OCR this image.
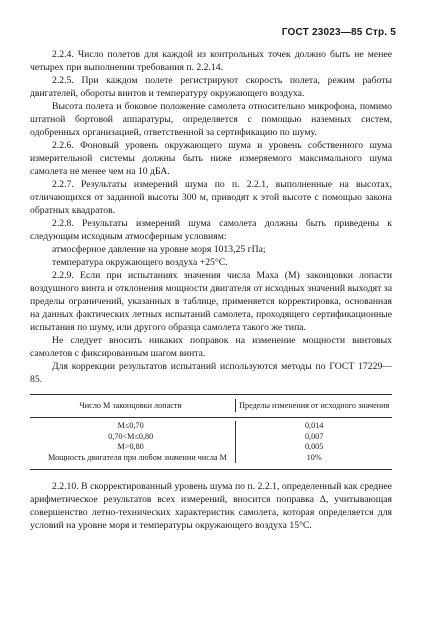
ГОСТ 23023—85 Стр. 5

2.2.4. Число полетов для каждой из контрольных точек должно быть не менее четырех при выполнении требования п. 2.2.14.

2.2.5. При каждом полете регистрируют скорость полета, режим работы двигателей, обороты винтов и температуру окружающего воздуха.

Высота полета и боковое положение самолета относительно микрофона, помимо штатной бортовой аппаратуры, определяется с помощью наземных систем, одобренных организацией, ответственной за сертификацию по шуму.

2.2.6. Фоновый уровень окружающего шума и уровень собственного шума измерительной системы должны быть ниже измеряемого максимального шума самолета не менее чем на 10 дБА.

2.2.7. Результаты измерений шума по п. 2.2.1, выполненные на высотах, отличающихся от заданной высоты 300 м, приводят к этой высоте с помощью закона обратных квадратов.

2.2.8. Результаты измерений шума самолета должны быть приведены к следующим исходным атмосферным условиям:

атмосферное давление на уровне моря 1013,25 гПа;

температура окружающего воздуха +25°С.

2.2.9. Если при испытаниях значения числа Маха (M) законцовки лопасти воздушного винта и отклонения мощности двигателя от исходных значений выходят за пределы ограничений, указанных в таблице, применяется корректировка, основанная на данных фактических летных испытаний самолета, проходящего сертификационные испытания по шуму, или другого образца самолета такого же типа.

Не следует вносить никаких поправок на изменение мощности винтовых самолетов с фиксированным шагом винта.

Для коррекции результатов испытаний используются методы по ГОСТ 17229—85.

Число M законцовки лопасти	Пределы изменения от исходного значения
M≤0,70
0,70<M≤0,80
M>0,80
Мощность двигателя при любом значении числа M
0,014
0,007
0,005
10%

2.2.10. В скорректированный уровень шума по п. 2.2.1, определенный как среднее арифметическое результатов всех измерений, вносится поправка Δ, учитывающая совершенство летно-технических характеристик самолета, которая определяется для условий на уровне моря и температуры окружающего воздуха 15°С.
